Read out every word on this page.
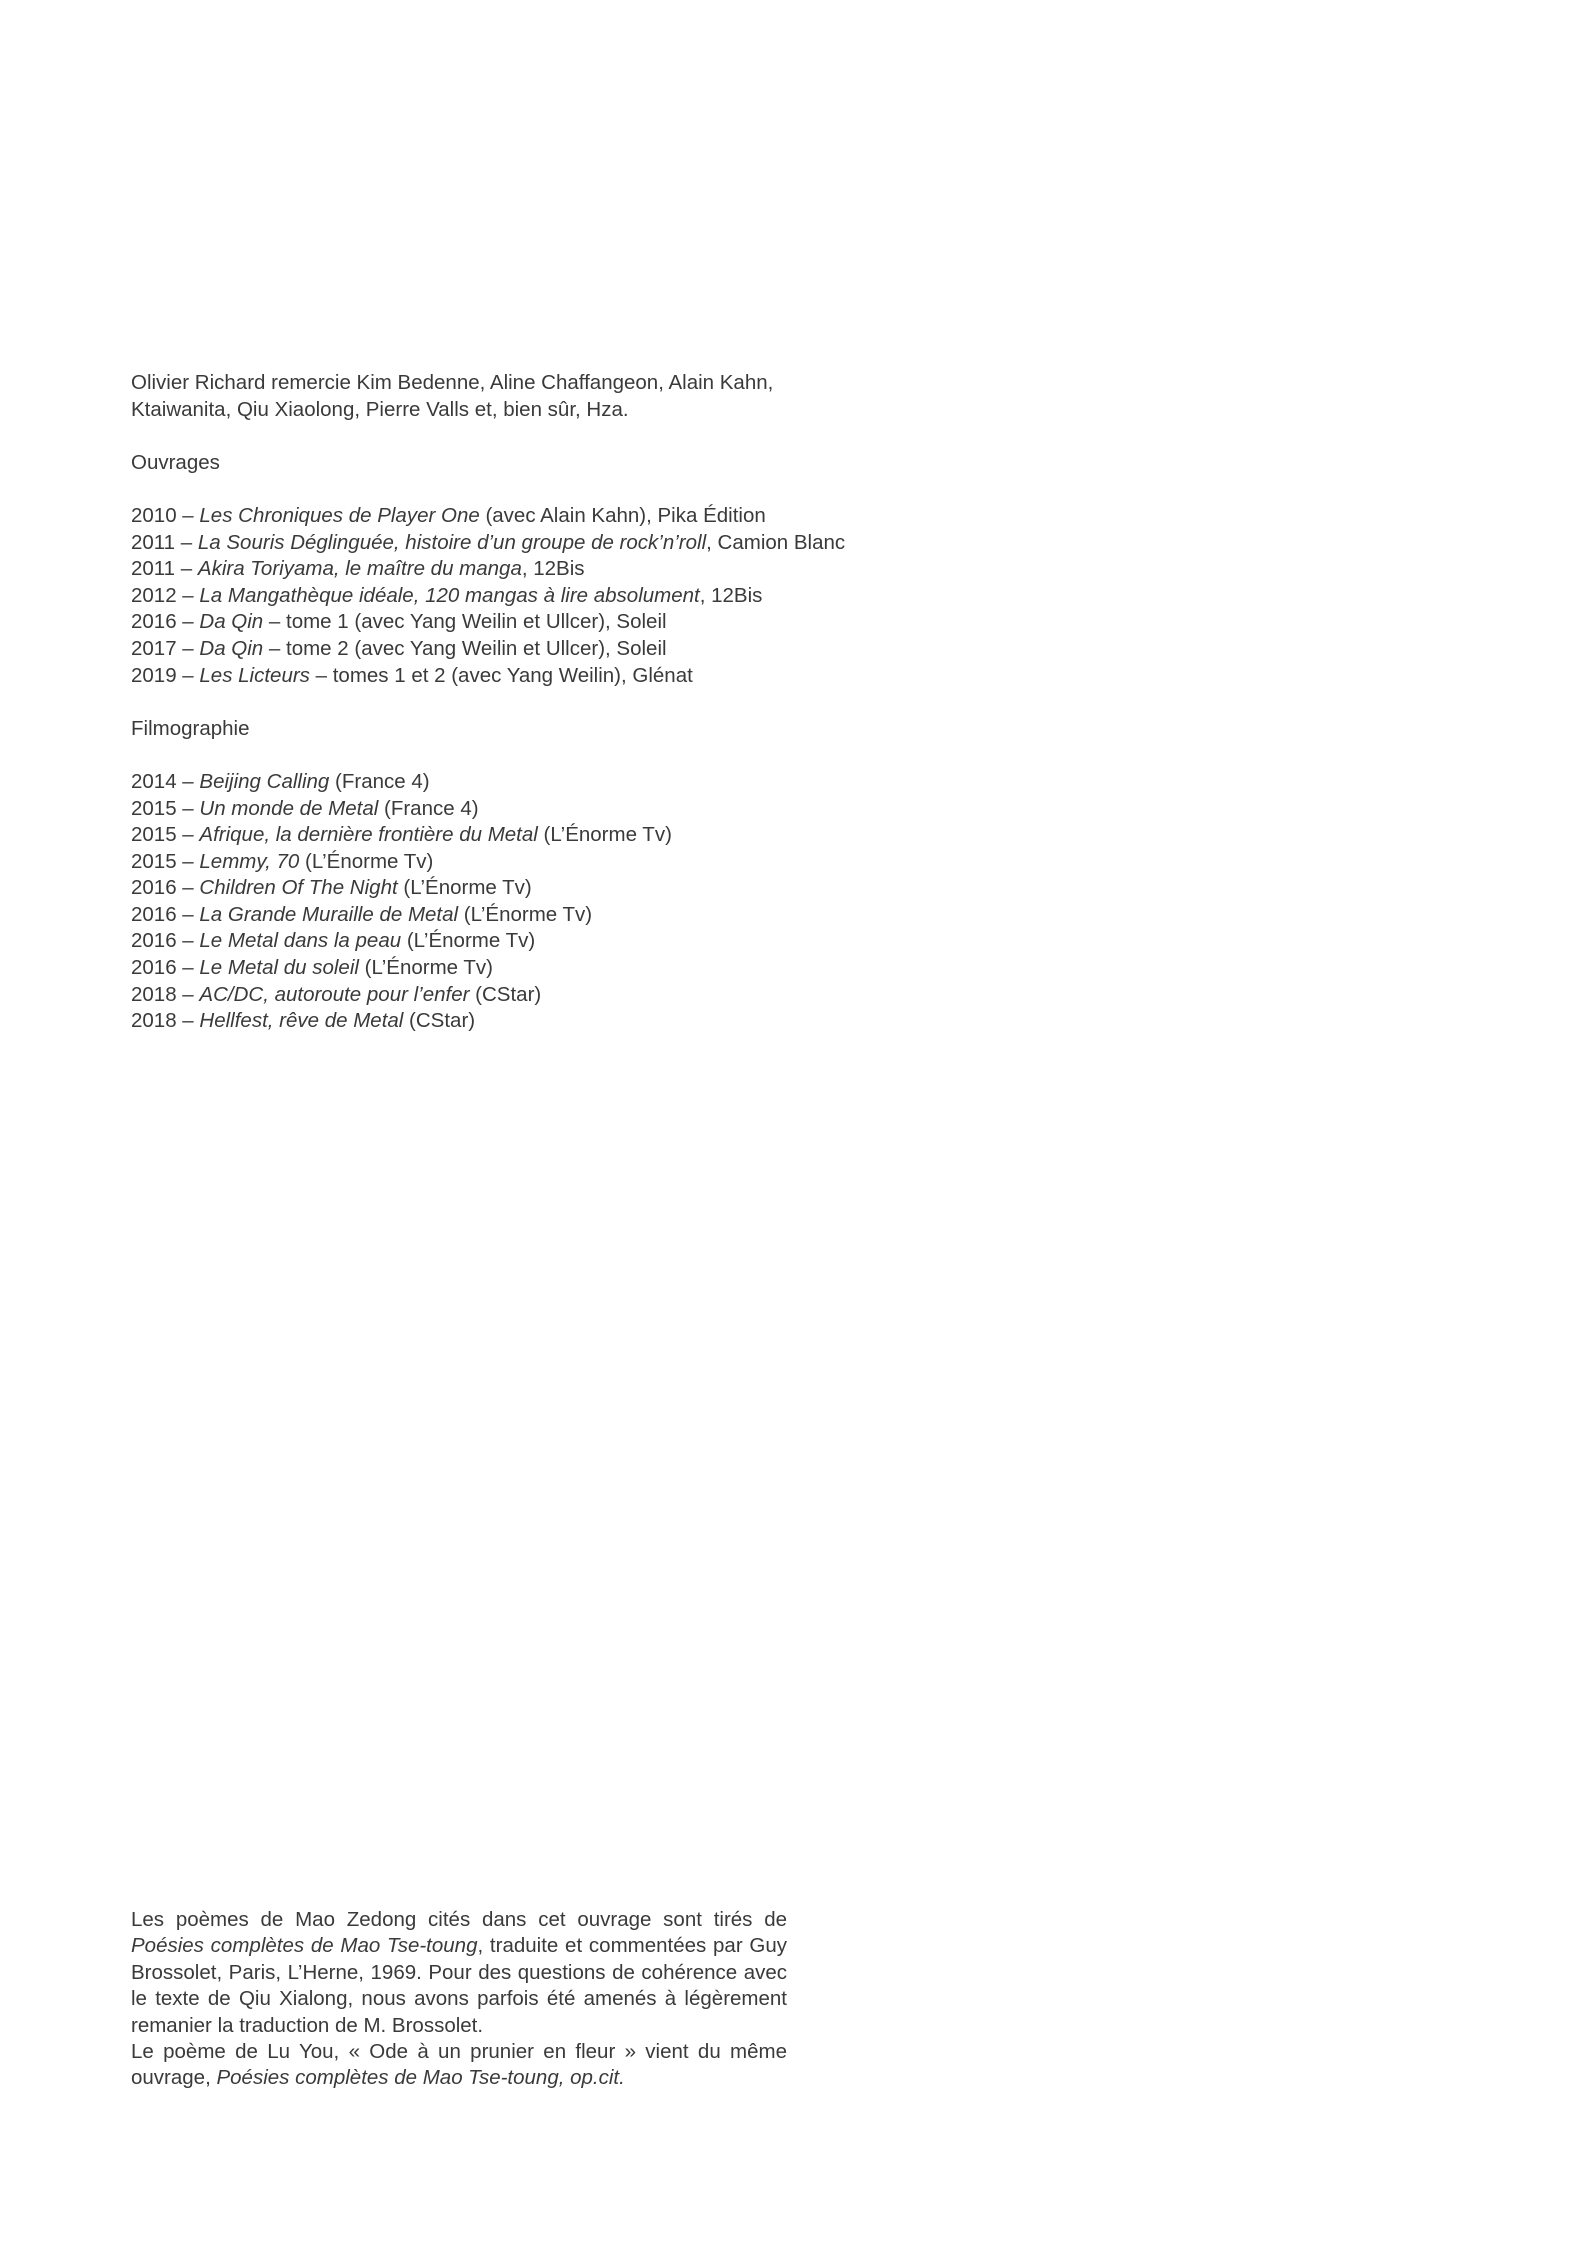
Olivier Richard remercie Kim Bedenne, Aline Chaffangeon, Alain Kahn,
Ktaiwanita, Qiu Xiaolong, Pierre Valls et, bien sûr, Hza.
Ouvrages
2010 – Les Chroniques de Player One (avec Alain Kahn), Pika Édition
2011 – La Souris Déglinguée, histoire d’un groupe de rock’n’roll, Camion Blanc
2011 – Akira Toriyama, le maître du manga, 12Bis
2012 – La Mangathèque idéale, 120 mangas à lire absolument, 12Bis
2016 – Da Qin – tome 1 (avec Yang Weilin et Ullcer), Soleil
2017 – Da Qin – tome 2 (avec Yang Weilin et Ullcer), Soleil
2019 – Les Licteurs – tomes 1 et 2 (avec Yang Weilin), Glénat
Filmographie
2014 – Beijing Calling (France 4)
2015 – Un monde de Metal (France 4)
2015 – Afrique, la dernière frontière du Metal (L’Énorme Tv)
2015 – Lemmy, 70 (L’Énorme Tv)
2016 – Children Of The Night (L’Énorme Tv)
2016 – La Grande Muraille de Metal (L’Énorme Tv)
2016 – Le Metal dans la peau (L’Énorme Tv)
2016 – Le Metal du soleil (L’Énorme Tv)
2018 – AC/DC, autoroute pour l’enfer (CStar)
2018 – Hellfest, rêve de Metal (CStar)
Les poèmes de Mao Zedong cités dans cet ouvrage sont tirés de Poésies complètes de Mao Tse-toung, traduite et commentées par Guy Brossolet, Paris, L’Herne, 1969. Pour des questions de cohérence avec le texte de Qiu Xialong, nous avons parfois été amenés à légèrement remanier la traduction de M. Brossolet.
Le poème de Lu You, « Ode à un prunier en fleur » vient du même ouvrage, Poésies complètes de Mao Tse-toung, op.cit.
